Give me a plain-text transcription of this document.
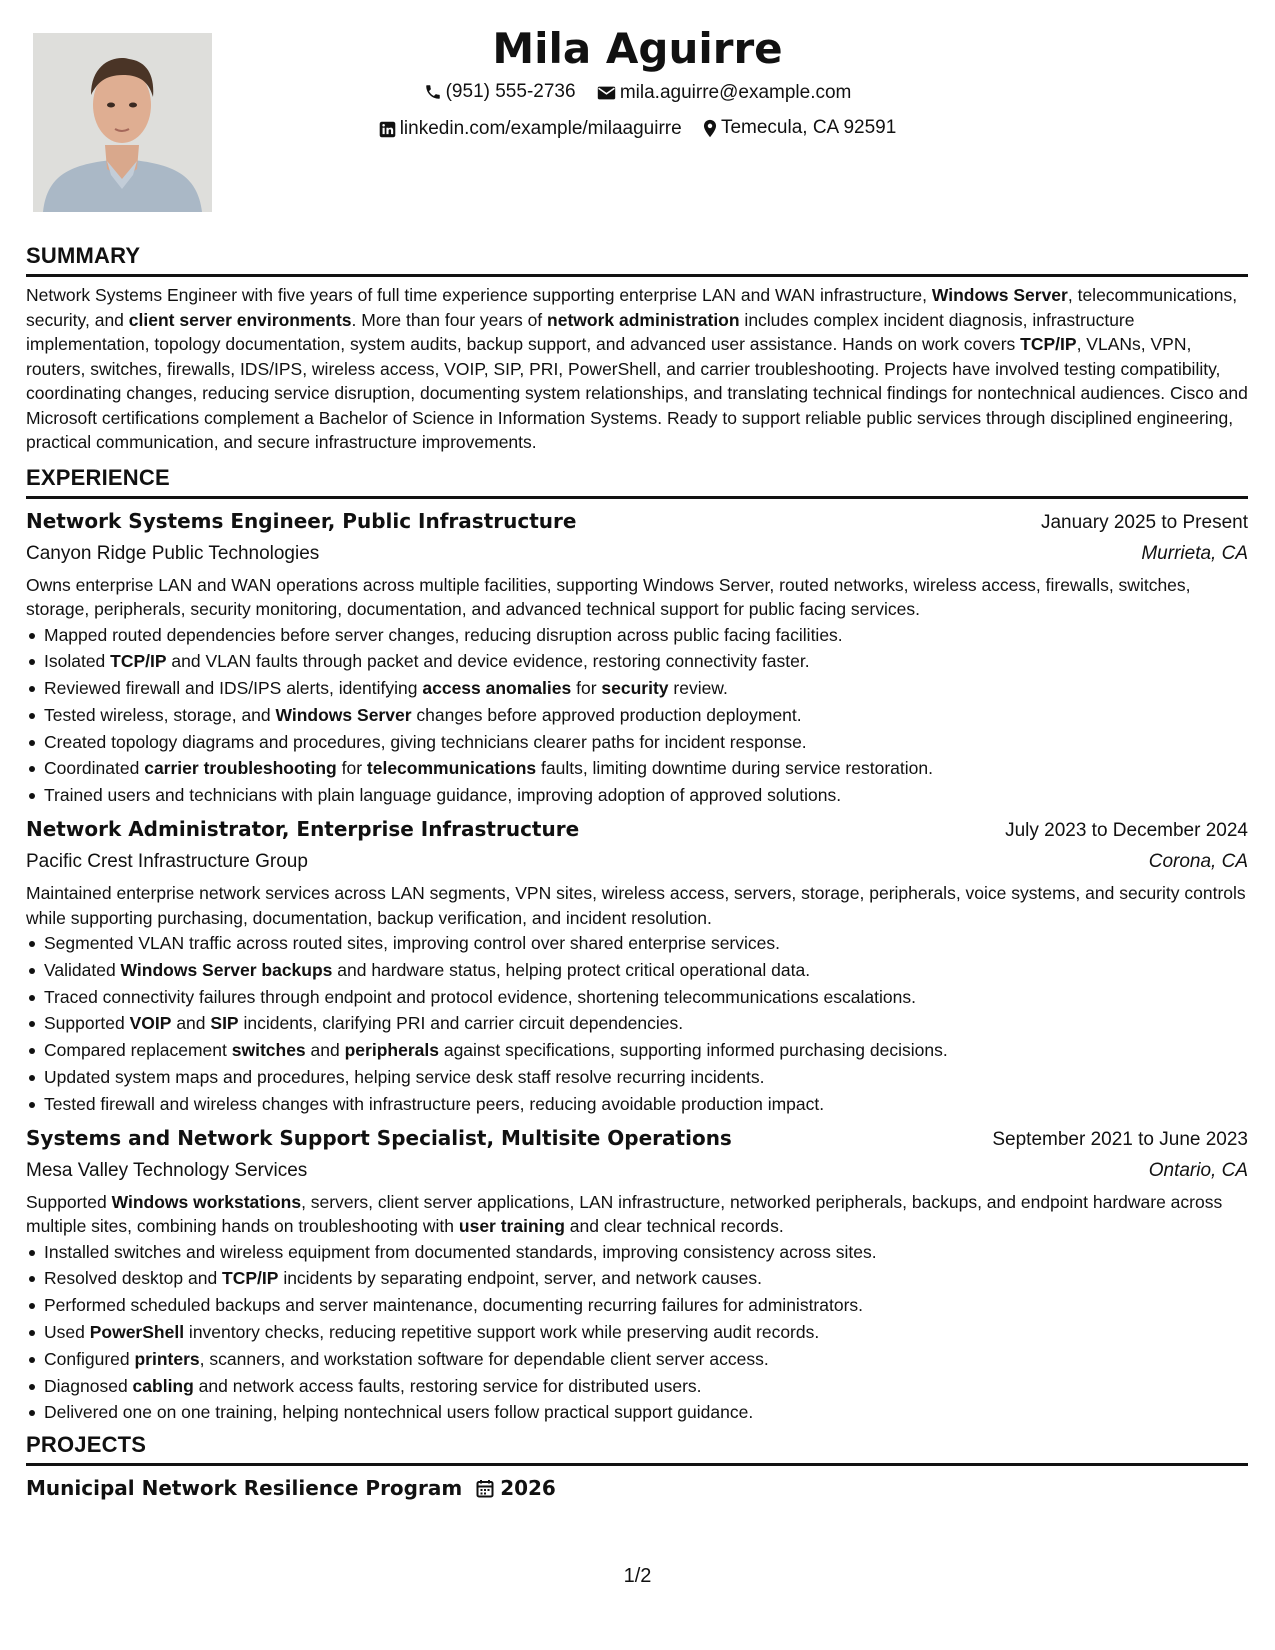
Mila Aguirre
(951) 555-2736
mila.aguirre@example.com
linkedin.com/example/milaaguirre
Temecula, CA 92591
SUMMARY

Network Systems Engineer with five years of full time experience supporting enterprise LAN and WAN infrastructure, Windows Server, telecommunications, security, and client server environments. More than four years of network administration includes complex incident diagnosis, infrastructure implementation, topology documentation, system audits, backup support, and advanced user assistance. Hands on work covers TCP/IP, VLANs, VPN, routers, switches, firewalls, IDS/IPS, wireless access, VOIP, SIP, PRI, PowerShell, and carrier troubleshooting. Projects have involved testing compatibility, coordinating changes, reducing service disruption, documenting system relationships, and translating technical findings for nontechnical audiences. Cisco and Microsoft certifications complement a Bachelor of Science in Information Systems. Ready to support reliable public services through disciplined engineering, practical communication, and secure infrastructure improvements.

EXPERIENCE
Network Systems Engineer, Public Infrastructure	January 2025 to Present
Canyon Ridge Public Technologies	Murrieta, CA

Owns enterprise LAN and WAN operations across multiple facilities, supporting Windows Server, routed networks, wireless access, firewalls, switches, storage, peripherals, security monitoring, documentation, and advanced technical support for public facing services.

Mapped routed dependencies before server changes, reducing disruption across public facing facilities.
Isolated TCP/IP and VLAN faults through packet and device evidence, restoring connectivity faster.
Reviewed firewall and IDS/IPS alerts, identifying access anomalies for security review.
Tested wireless, storage, and Windows Server changes before approved production deployment.
Created topology diagrams and procedures, giving technicians clearer paths for incident response.
Coordinated carrier troubleshooting for telecommunications faults, limiting downtime during service restoration.
Trained users and technicians with plain language guidance, improving adoption of approved solutions.
Network Administrator, Enterprise Infrastructure	July 2023 to December 2024
Pacific Crest Infrastructure Group	Corona, CA

Maintained enterprise network services across LAN segments, VPN sites, wireless access, servers, storage, peripherals, voice systems, and security controls while supporting purchasing, documentation, backup verification, and incident resolution.

Segmented VLAN traffic across routed sites, improving control over shared enterprise services.
Validated Windows Server backups and hardware status, helping protect critical operational data.
Traced connectivity failures through endpoint and protocol evidence, shortening telecommunications escalations.
Supported VOIP and SIP incidents, clarifying PRI and carrier circuit dependencies.
Compared replacement switches and peripherals against specifications, supporting informed purchasing decisions.
Updated system maps and procedures, helping service desk staff resolve recurring incidents.
Tested firewall and wireless changes with infrastructure peers, reducing avoidable production impact.
Systems and Network Support Specialist, Multisite Operations	September 2021 to June 2023
Mesa Valley Technology Services	Ontario, CA

Supported Windows workstations, servers, client server applications, LAN infrastructure, networked peripherals, backups, and endpoint hardware across multiple sites, combining hands on troubleshooting with user training and clear technical records.

Installed switches and wireless equipment from documented standards, improving consistency across sites.
Resolved desktop and TCP/IP incidents by separating endpoint, server, and network causes.
Performed scheduled backups and server maintenance, documenting recurring failures for administrators.
Used PowerShell inventory checks, reducing repetitive support work while preserving audit records.
Configured printers, scanners, and workstation software for dependable client server access.
Diagnosed cabling and network access faults, restoring service for distributed users.
Delivered one on one training, helping nontechnical users follow practical support guidance.
PROJECTS
Municipal Network Resilience Program 2026
1/2
